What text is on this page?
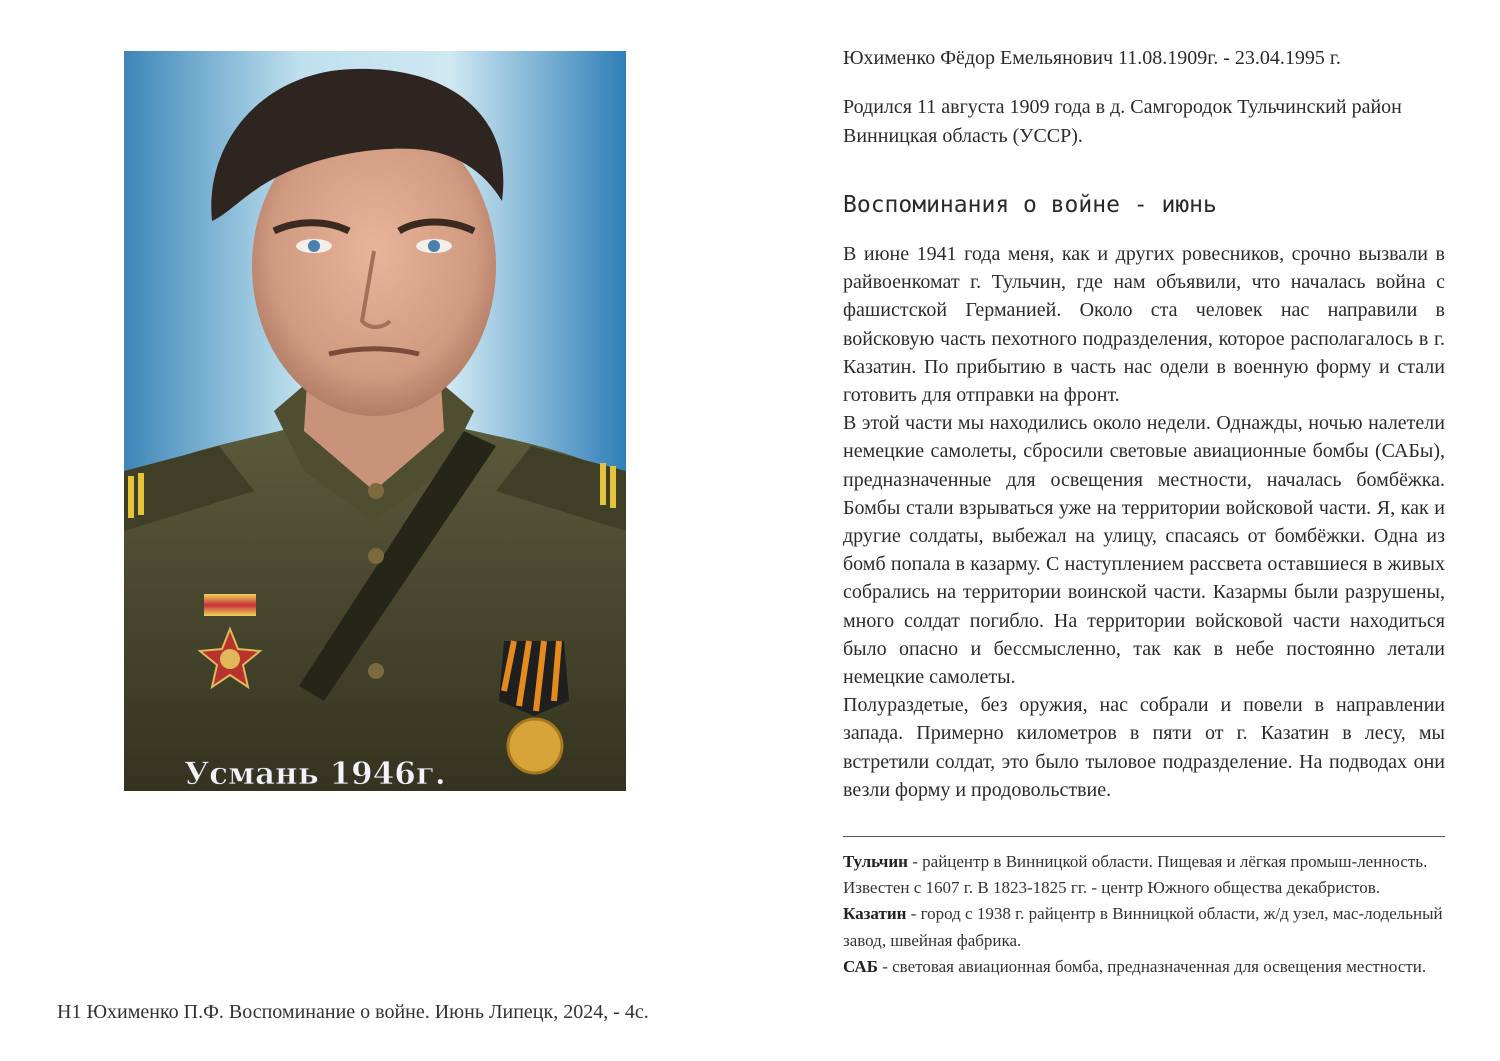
Усмань 1946г.
Н1 Юхименко П.Ф. Воспоминание о войне. Июнь Липецк, 2024, - 4с.
Юхименко Фёдор Емельянович 11.08.1909г. - 23.04.1995 г.
Родился 11 августа 1909 года в д. Самгородок Тульчинский район Винницкая область (УССР).
Воспоминания о войне - июнь

В июне 1941 года меня, как и других ровесников, срочно вызвали в райвоенкомат г. Тульчин, где нам объявили, что началась война с фашистской Германией. Около ста человек нас направили в войсковую часть пехотного подразделения, которое располагалось в г. Казатин. По прибытию в часть нас одели в военную форму и стали готовить для отправки на фронт.

В этой части мы находились около недели. Однажды, ночью налетели немецкие самолеты, сбросили световые авиационные бомбы (САБы), предназначенные для освещения местности, началась бомбёжка. Бомбы стали взрываться уже на территории войсковой части. Я, как и другие солдаты, выбежал на улицу, спасаясь от бомбёжки. Одна из бомб попала в казарму. С наступлением рассвета оставшиеся в живых собрались на территории воинской части. Казармы были разрушены, много солдат погибло. На территории войсковой части находиться было опасно и бессмысленно, так как в небе постоянно летали немецкие самолеты.

Полураздетые, без оружия, нас собрали и повели в направлении запада. Примерно километров в пяти от г. Казатин в лесу, мы встретили солдат, это было тыловое подразделение. На подводах они везли форму и продовольствие.

Тульчин - райцентр в Винницкой области. Пищевая и лёгкая промыш-ленность. Известен с 1607 г. В 1823-1825 гг. - центр Южного общества декабристов.

Казатин - город с 1938 г. райцентр в Винницкой области, ж/д узел, мас-лодельный завод, швейная фабрика.

САБ - световая авиационная бомба, предназначенная для освещения местности.
